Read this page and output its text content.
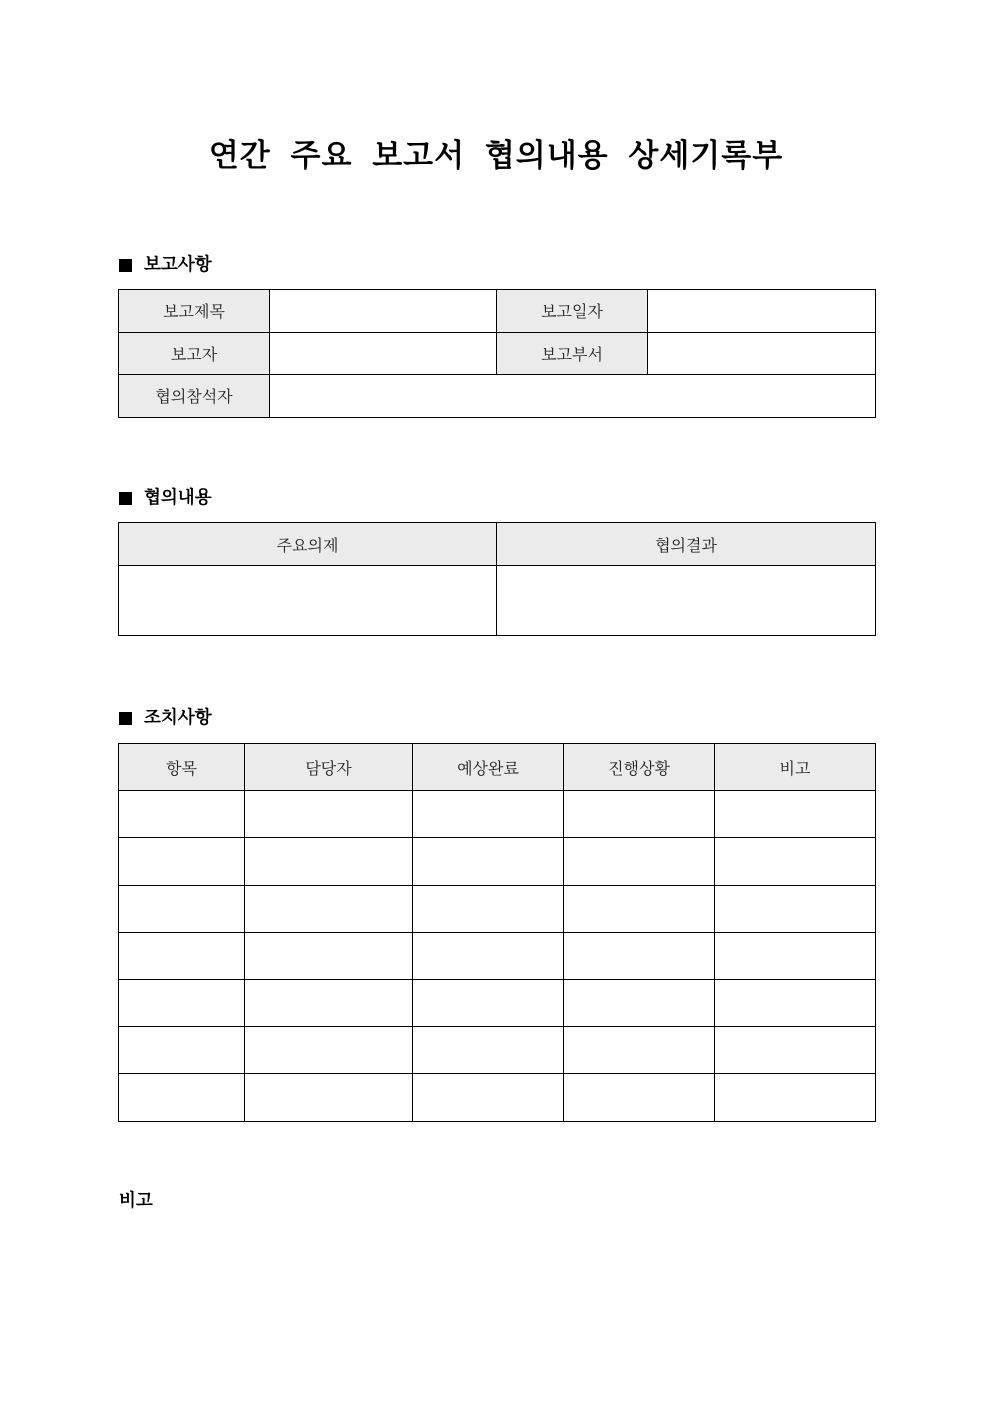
연간 주요 보고서 협의내용 상세기록부
보고사항
보고제목		보고일자	
보고자		보고부서	
협의참석자			
협의내용
주요의제	협의결과

조치사항
항목	담당자	예상완료	진행상황	비고

비고
